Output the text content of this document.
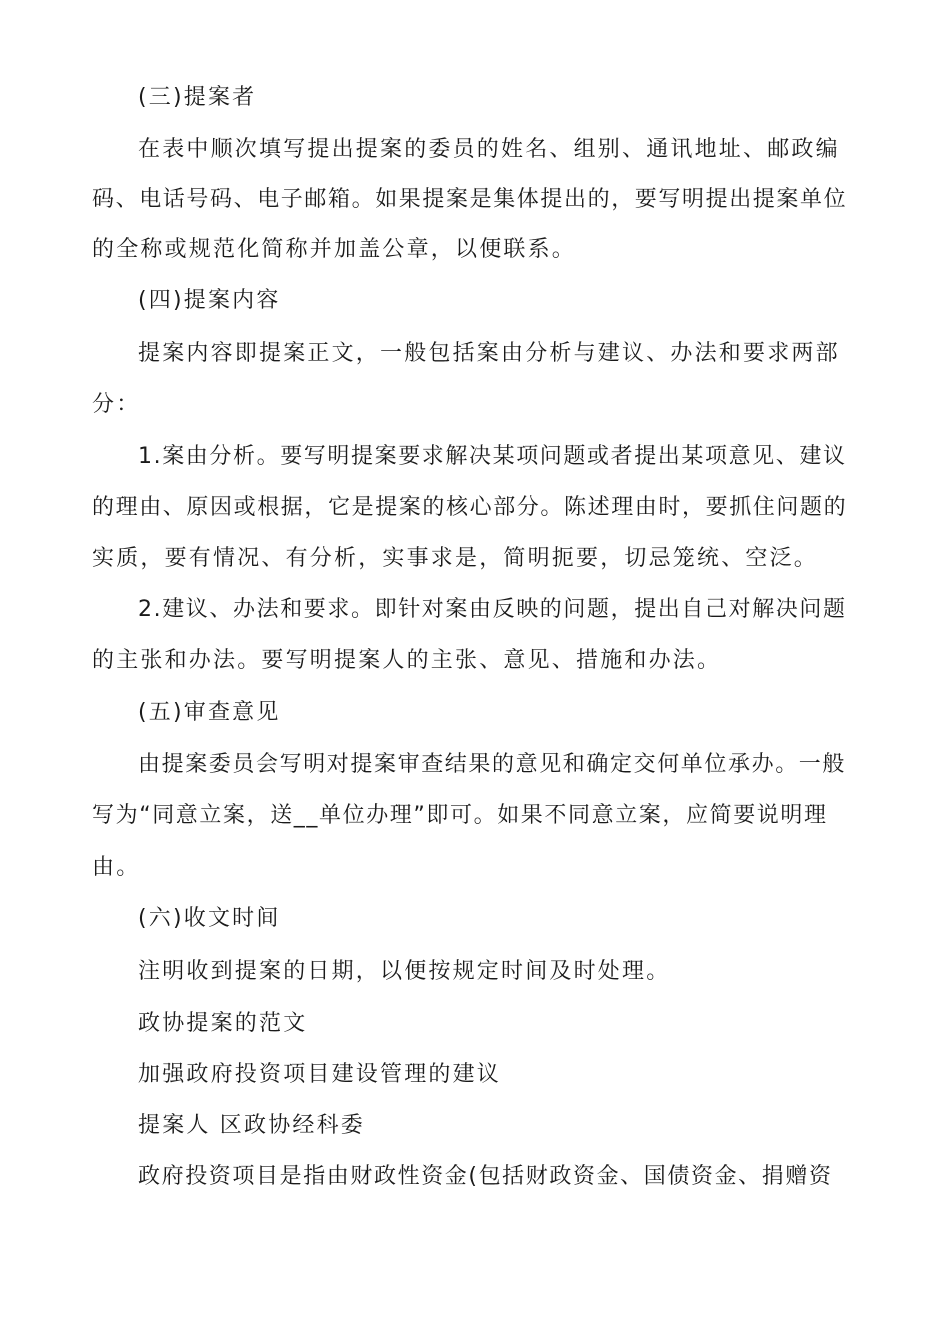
(三)提案者
在表中顺次填写提出提案的委员的姓名、组别、通讯地址、邮政编
码、电话号码、电子邮箱。如果提案是集体提出的，要写明提出提案单位
的全称或规范化简称并加盖公章，以便联系。
(四)提案内容
提案内容即提案正文，一般包括案由分析与建议、办法和要求两部
分：
1.案由分析。要写明提案要求解决某项问题或者提出某项意见、建议
的理由、原因或根据，它是提案的核心部分。陈述理由时，要抓住问题的
实质，要有情况、有分析，实事求是，简明扼要，切忌笼统、空泛。
2.建议、办法和要求。即针对案由反映的问题，提出自己对解决问题
的主张和办法。要写明提案人的主张、意见、措施和办法。
(五)审查意见
由提案委员会写明对提案审查结果的意见和确定交何单位承办。一般
写为“同意立案，送__单位办理”即可。如果不同意立案，应简要说明理
由。
(六)收文时间
注明收到提案的日期，以便按规定时间及时处理。
政协提案的范文
加强政府投资项目建设管理的建议
提案人 区政协经科委
政府投资项目是指由财政性资金(包括财政资金、国债资金、捐赠资
